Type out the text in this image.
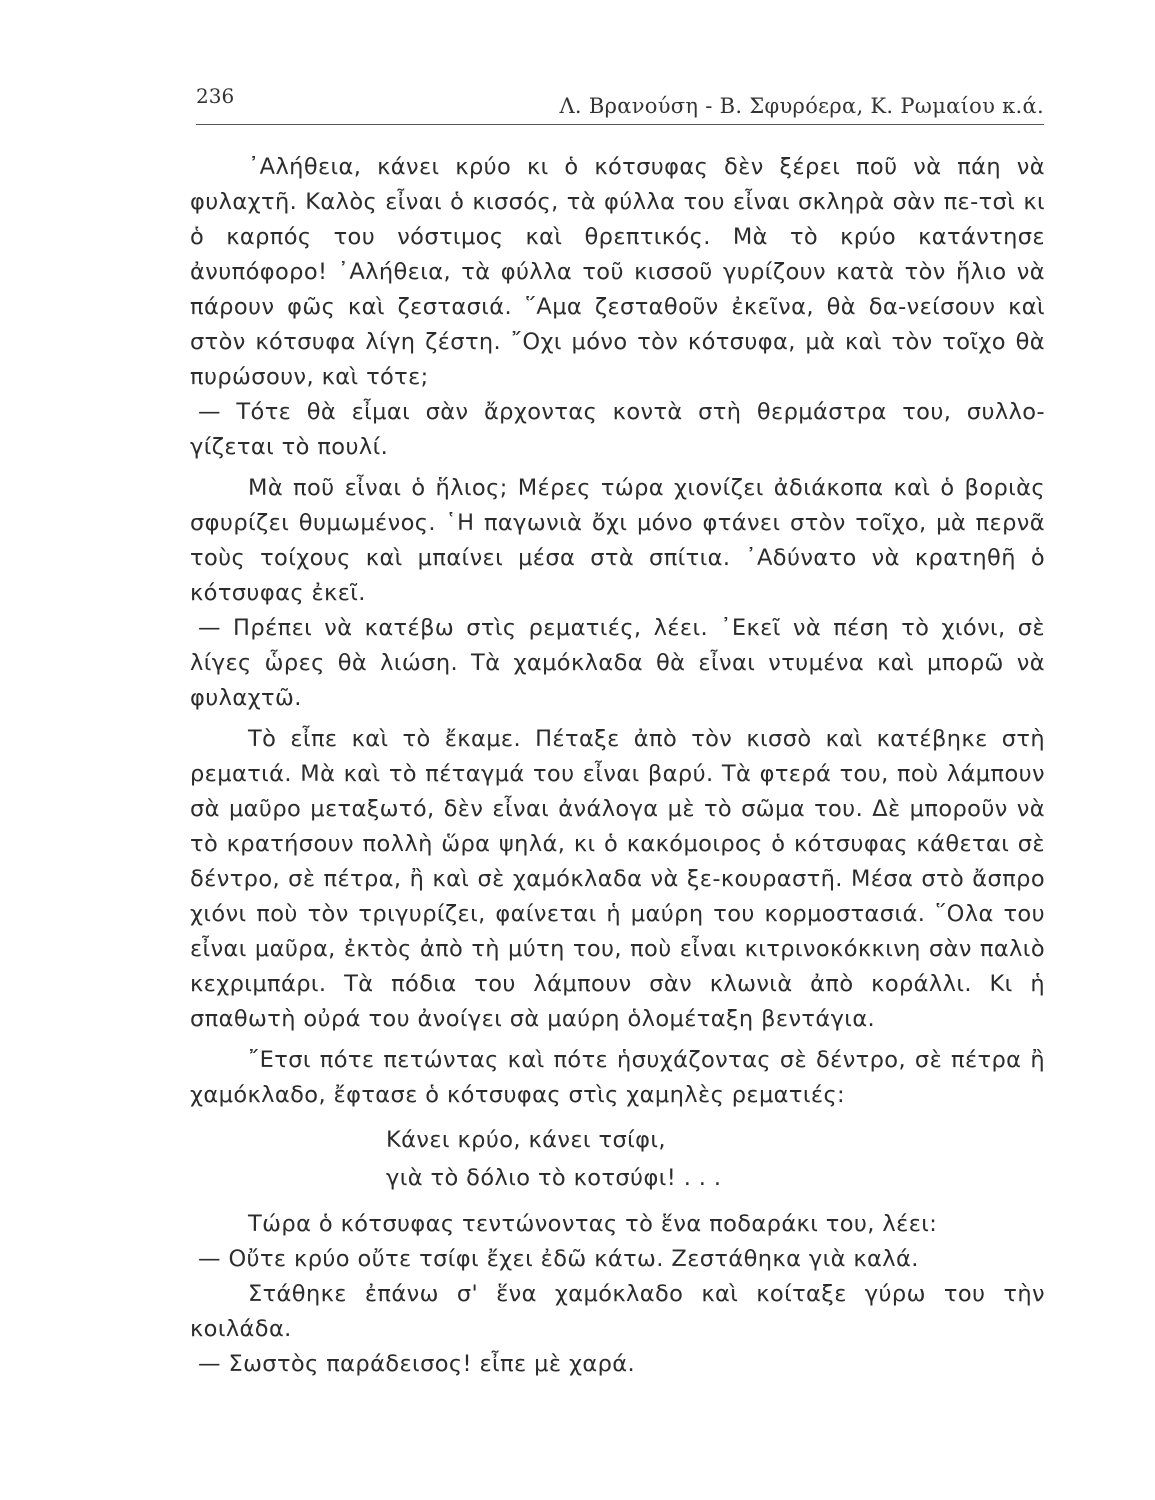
236	Λ. Βρανούση - Β. Σφυρόερα, Κ. Ρωμαίου κ.ά.

᾿Αλήθεια, κάνει κρύο κι ὁ κότσυφας δὲν ξέρει ποῦ νὰ πάη νὰ φυλαχτῆ. Καλὸς εἶναι ὁ κισσός, τὰ φύλλα του εἶναι σκληρὰ σὰν πε-τσὶ κι ὁ καρπός του νόστιμος καὶ θρεπτικός. Μὰ τὸ κρύο κατάντησε ἀνυπόφορο! ᾿Αλήθεια, τὰ φύλλα τοῦ κισσοῦ γυρίζουν κατὰ τὸν ἥλιο νὰ πάρουν φῶς καὶ ζεστασιά. ῞Αμα ζεσταθοῦν ἐκεῖνα, θὰ δα-νείσουν καὶ στὸν κότσυφα λίγη ζέστη. ῎Οχι μόνο τὸν κότσυφα, μὰ καὶ τὸν τοῖχο θὰ πυρώσουν, καὶ τότε;

— Τότε θὰ εἶμαι σὰν ἄρχοντας κοντὰ στὴ θερμάστρα του, συλλο-γίζεται τὸ πουλί.

Μὰ ποῦ εἶναι ὁ ἥλιος; Μέρες τώρα χιονίζει ἀδιάκοπα καὶ ὁ βοριὰς σφυρίζει θυμωμένος. ῾Η παγωνιὰ ὄχι μόνο φτάνει στὸν τοῖχο, μὰ περνᾶ τοὺς τοίχους καὶ μπαίνει μέσα στὰ σπίτια. ᾿Αδύνατο νὰ κρατηθῆ ὁ κότσυφας ἐκεῖ.

— Πρέπει νὰ κατέβω στὶς ρεματιές, λέει. ᾿Εκεῖ νὰ πέση τὸ χιόνι, σὲ λίγες ὧρες θὰ λιώση. Τὰ χαμόκλαδα θὰ εἶναι ντυμένα καὶ μπορῶ νὰ φυλαχτῶ.

Τὸ εἶπε καὶ τὸ ἔκαμε. Πέταξε ἀπὸ τὸν κισσὸ καὶ κατέβηκε στὴ ρεματιά. Μὰ καὶ τὸ πέταγμά του εἶναι βαρύ. Τὰ φτερά του, ποὺ λάμπουν σὰ μαῦρο μεταξωτό, δὲν εἶναι ἀνάλογα μὲ τὸ σῶμα του. Δὲ μποροῦν νὰ τὸ κρατήσουν πολλὴ ὥρα ψηλά, κι ὁ κακόμοιρος ὁ κότσυφας κάθεται σὲ δέντρο, σὲ πέτρα, ἢ καὶ σὲ χαμόκλαδα νὰ ξε-κουραστῆ. Μέσα στὸ ἄσπρο χιόνι ποὺ τὸν τριγυρίζει, φαίνεται ἡ μαύρη του κορμοστασιά. ῞Ολα του εἶναι μαῦρα, ἐκτὸς ἀπὸ τὴ μύτη του, ποὺ εἶναι κιτρινοκόκκινη σὰν παλιὸ κεχριμπάρι. Τὰ πόδια του λάμπουν σὰν κλωνιὰ ἀπὸ κοράλλι. Κι ἡ σπαθωτὴ οὐρά του ἀνοίγει σὰ μαύρη ὁλομέταξη βεντάγια.

῎Ετσι πότε πετώντας καὶ πότε ἡσυχάζοντας σὲ δέντρο, σὲ πέτρα ἢ χαμόκλαδο, ἔφτασε ὁ κότσυφας στὶς χαμηλὲς ρεματιές:

Κάνει κρύο, κάνει τσίφι,
γιὰ τὸ δόλιο τὸ κοτσύφι! . . .

Τώρα ὁ κότσυφας τεντώνοντας τὸ ἕνα ποδαράκι του, λέει:

— Οὔτε κρύο οὔτε τσίφι ἔχει ἐδῶ κάτω. Ζεστάθηκα γιὰ καλά.

Στάθηκε ἐπάνω σ' ἕνα χαμόκλαδο καὶ κοίταξε γύρω του τὴν κοιλάδα.

— Σωστὸς παράδεισος! εἶπε μὲ χαρά.
